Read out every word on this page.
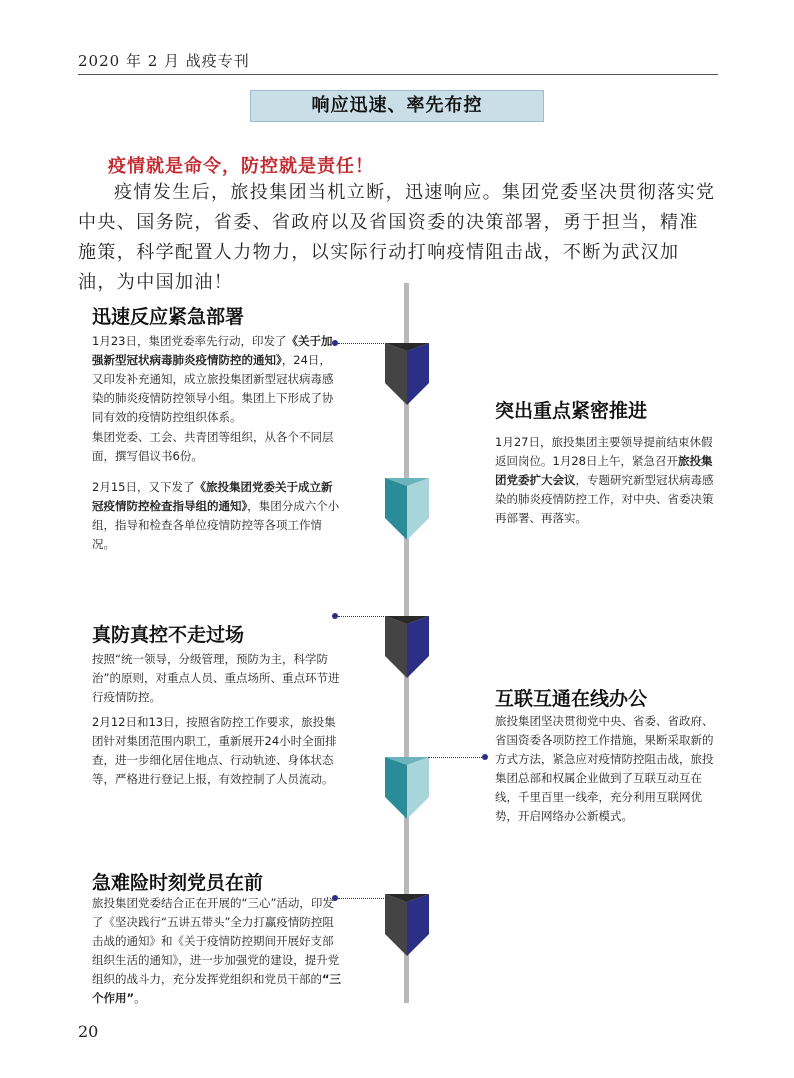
2020 年 2 月 战疫专刊
响应迅速、率先布控
疫情就是命令，防控就是责任！
疫情发生后，旅投集团当机立断，迅速响应。集团党委坚决贯彻落实党中央、国务院，省委、省政府以及省国资委的决策部署，勇于担当，精准施策，科学配置人力物力，以实际行动打响疫情阻击战，不断为武汉加油，为中国加油！
迅速反应紧急部署
1月23日，集团党委率先行动，印发了《关于加强新型冠状病毒肺炎疫情防控的通知》，24日，又印发补充通知，成立旅投集团新型冠状病毒感染的肺炎疫情防控领导小组。集团上下形成了协同有效的疫情防控组织体系。
集团党委、工会、共青团等组织，从各个不同层面，撰写倡议书6份。
2月15日，又下发了《旅投集团党委关于成立新冠疫情防控检查指导组的通知》，集团分成六个小组，指导和检查各单位疫情防控等各项工作情况。
突出重点紧密推进
1月27日，旅投集团主要领导提前结束休假返回岗位。1月28日上午，紧急召开旅投集团党委扩大会议，专题研究新型冠状病毒感染的肺炎疫情防控工作，对中央、省委决策再部署、再落实。
真防真控不走过场
按照“统一领导，分级管理，预防为主，科学防治”的原则，对重点人员、重点场所、重点环节进行疫情防控。
2月12日和13日，按照省防控工作要求，旅投集团针对集团范围内职工，重新展开24小时全面排查，进一步细化居住地点、行动轨迹、身体状态等，严格进行登记上报，有效控制了人员流动。
互联互通在线办公
旅投集团坚决贯彻党中央、省委、省政府、省国资委各项防控工作措施，果断采取新的方式方法，紧急应对疫情防控阻击战，旅投集团总部和权属企业做到了互联互动互在线，千里百里一线牵，充分利用互联网优势，开启网络办公新模式。
急难险时刻党员在前
旅投集团党委结合正在开展的“三心”活动，印发了《坚决践行“五讲五带头”全力打赢疫情防控阻击战的通知》和《关于疫情防控期间开展好支部组织生活的通知》，进一步加强党的建设，提升党组织的战斗力，充分发挥党组织和党员干部的“三个作用”。
20
